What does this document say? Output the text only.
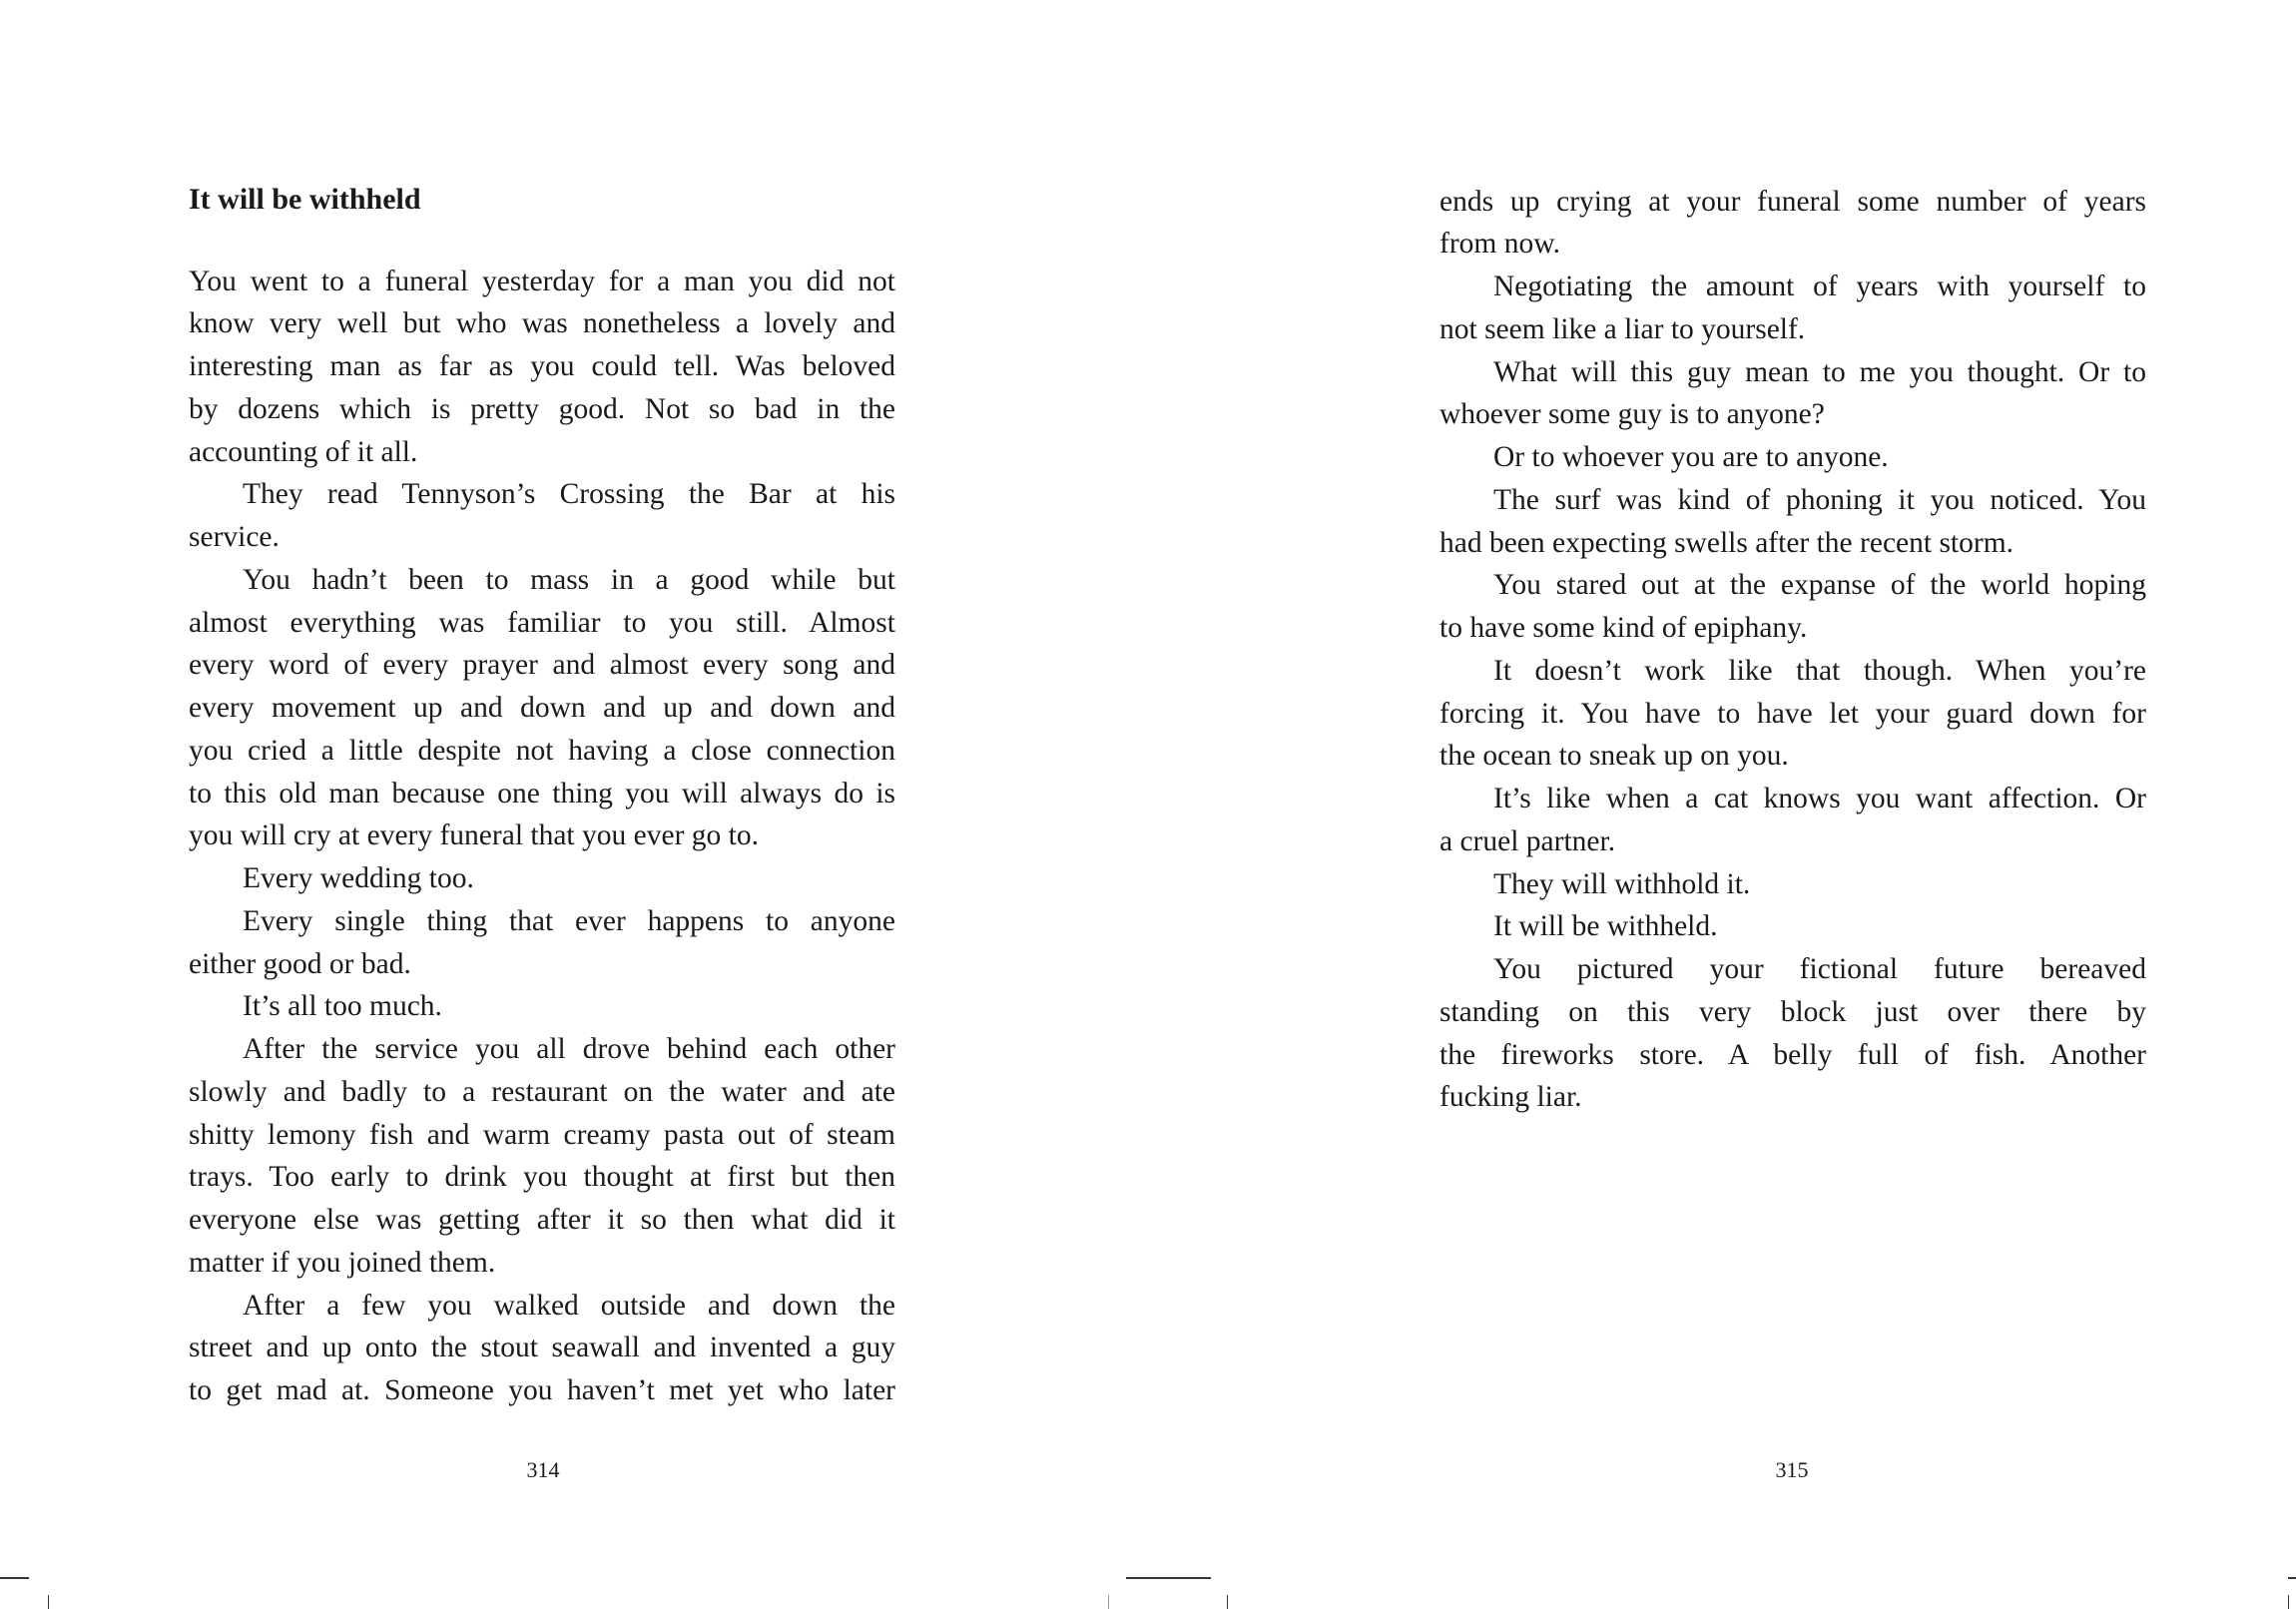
It will be withheld
You went to a funeral yesterday for a man you did not
know very well but who was nonetheless a lovely and
interesting man as far as you could tell. Was beloved
by dozens which is pretty good. Not so bad in the
accounting of it all.
They read Tennyson’s Crossing the Bar at his
service.
You hadn’t been to mass in a good while but
almost everything was familiar to you still. Almost
every word of every prayer and almost every song and
every movement up and down and up and down and
you cried a little despite not having a close connection
to this old man because one thing you will always do is
you will cry at every funeral that you ever go to.
Every wedding too.
Every single thing that ever happens to anyone
either good or bad.
It’s all too much.
After the service you all drove behind each other
slowly and badly to a restaurant on the water and ate
shitty lemony fish and warm creamy pasta out of steam
trays. Too early to drink you thought at first but then
everyone else was getting after it so then what did it
matter if you joined them.
After a few you walked outside and down the
street and up onto the stout seawall and invented a guy
to get mad at. Someone you haven’t met yet who later
ends up crying at your funeral some number of years
from now.
Negotiating the amount of years with yourself to
not seem like a liar to yourself.
What will this guy mean to me you thought. Or to
whoever some guy is to anyone?
Or to whoever you are to anyone.
The surf was kind of phoning it you noticed. You
had been expecting swells after the recent storm.
You stared out at the expanse of the world hoping
to have some kind of epiphany.
It doesn’t work like that though. When you’re
forcing it. You have to have let your guard down for
the ocean to sneak up on you.
It’s like when a cat knows you want affection. Or
a cruel partner.
They will withhold it.
It will be withheld.
You pictured your fictional future bereaved
standing on this very block just over there by
the fireworks store. A belly full of fish. Another
fucking liar.
314	315
